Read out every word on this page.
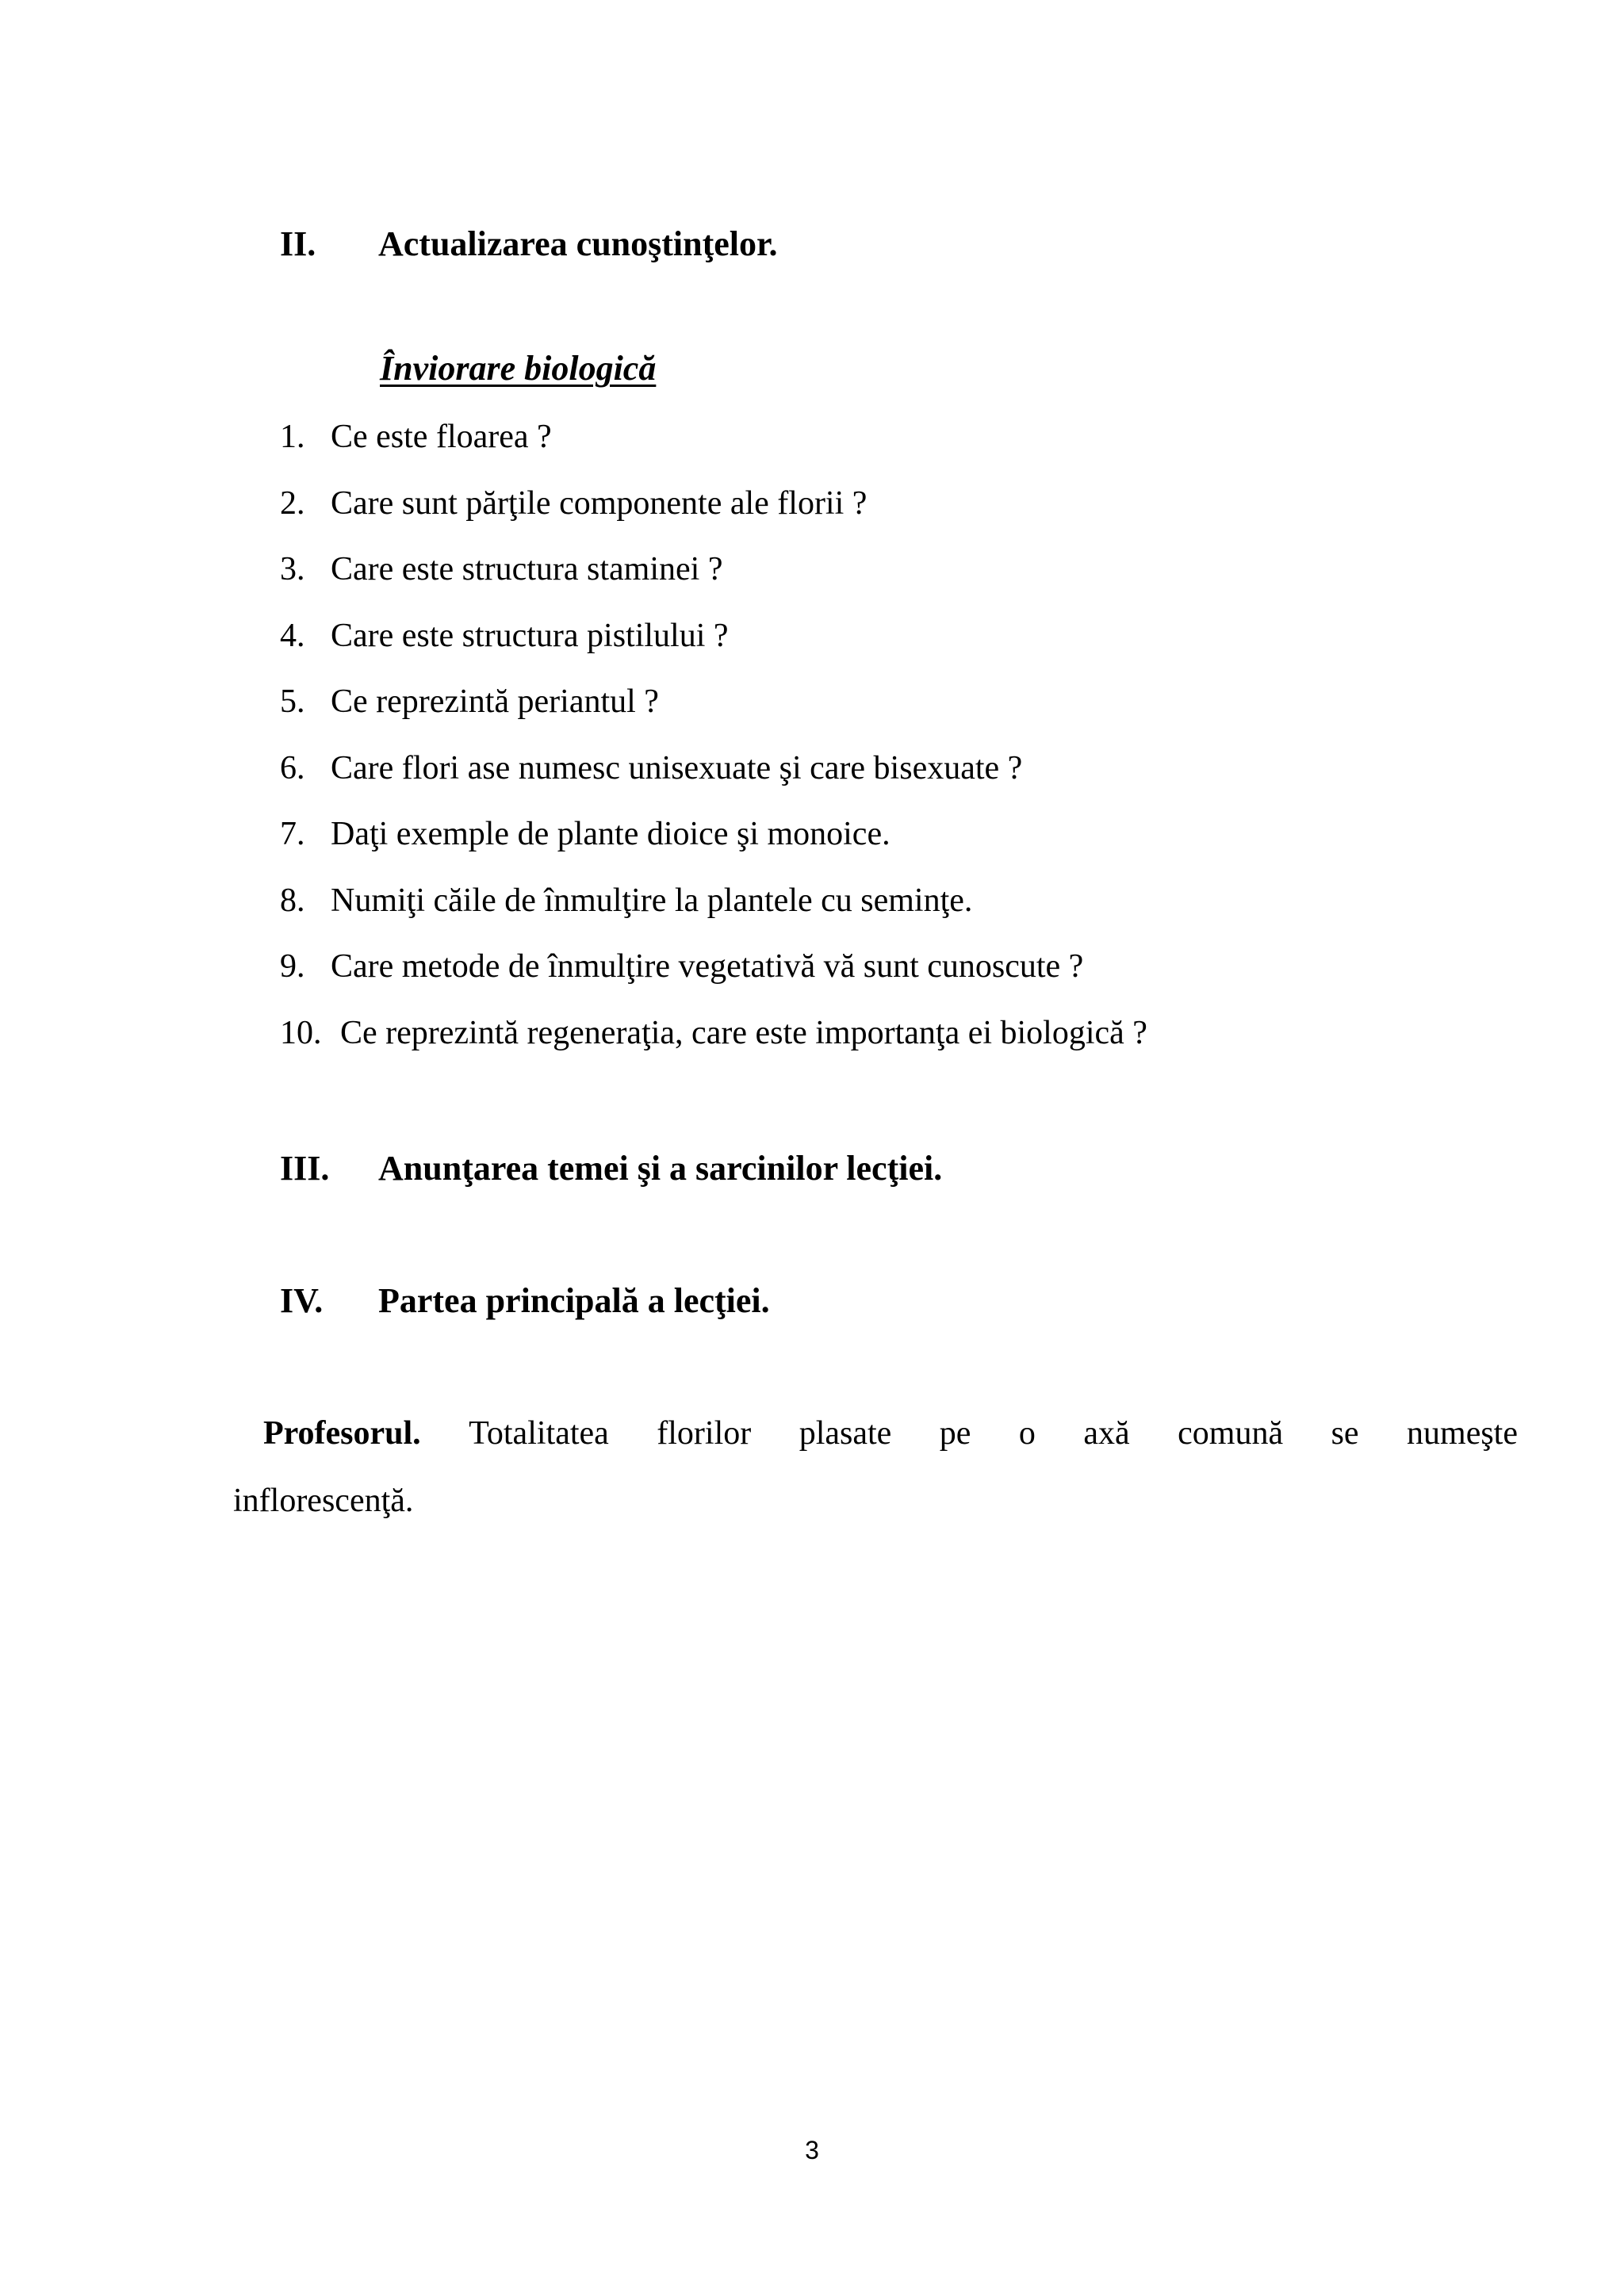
II. Actualizarea cunoştinţelor.
Înviorare biologică
1. Ce este floarea ?
2. Care sunt părţile componente ale florii ?
3. Care este structura staminei ?
4. Care este structura pistilului ?
5. Ce reprezintă periantul ?
6. Care flori ase numesc unisexuate şi care bisexuate ?
7. Daţi exemple de plante dioice şi monoice.
8. Numiţi căile de înmulţire la plantele cu seminţe.
9. Care metode de înmulţire vegetativă vă sunt cunoscute ?
10. Ce reprezintă regeneraţia, care este importanţa ei biologică ?
III. Anunţarea temei şi a sarcinilor lecţiei.
IV. Partea principală a lecţiei.
Profesorul. Totalitatea florilor plasate pe o axă comună se numeşte
inflorescenţă.
3
